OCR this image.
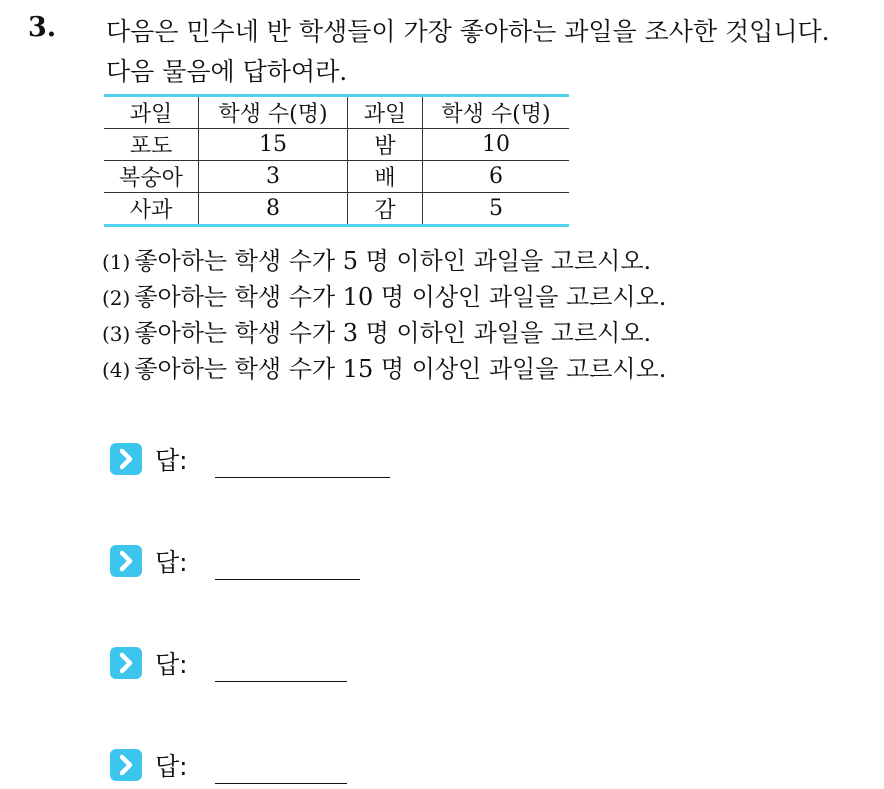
3. 다음은 민수네 반 학생들이 가장 좋아하는 과일을 조사한 것입니다.
다음 물음에 답하여라.
과일	학생 수(명)	과일	학생 수(명)
포도	15	밤	10
복숭아	3	배	6
사과	8	감	5
(1) 좋아하는 학생 수가 5 명 이하인 과일을 고르시오.
(2) 좋아하는 학생 수가 10 명 이상인 과일을 고르시오.
(3) 좋아하는 학생 수가 3 명 이하인 과일을 고르시오.
(4) 좋아하는 학생 수가 15 명 이상인 과일을 고르시오.
답:
답:
답:
답:
